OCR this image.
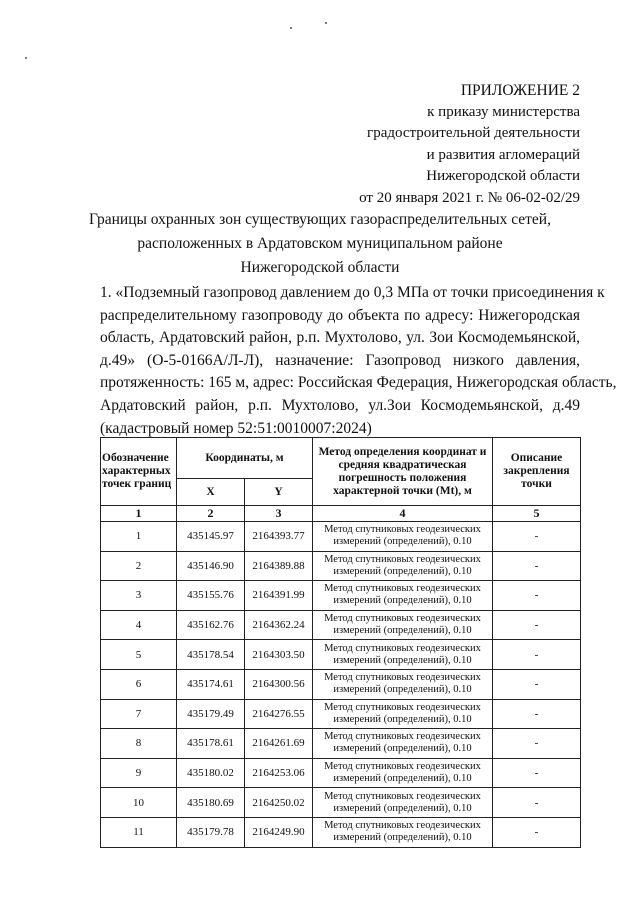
ПРИЛОЖЕНИЕ 2
к приказу министерства
градостроительной деятельности
и развития агломераций
Нижегородской области
от 20 января 2021 г. № 06-02-02/29
Границы охранных зон существующих газораспределительных сетей,
расположенных в Ардатовском муниципальном районе
Нижегородской области
1. «Подземный газопровод давлением до 0,3 МПа от точки присоединения к
распределительному газопроводу до объекта по адресу: Нижегородская
область, Ардатовский район, р.п. Мухтолово, ул. Зои Космодемьянской,
д.49» (О-5-0166А/Л-Л), назначение: Газопровод низкого давления,
протяженность: 165 м, адрес: Российская Федерация, Нижегородская область,
Ардатовский район, р.п. Мухтолово, ул.Зои Космодемьянской, д.49
(кадастровый номер 52:51:0010007:2024)
Обозначение характерных точек границ	Координаты, м		Метод определения координат и средняя квадратическая погрешность положения характерной точки (Mt), м	Описание закрепления точки
	X	Y		
1	2	3	4	5
1	435145.97	2164393.77	Метод спутниковых геодезических измерений (определений), 0.10	-
2	435146.90	2164389.88	Метод спутниковых геодезических измерений (определений), 0.10	-
3	435155.76	2164391.99	Метод спутниковых геодезических измерений (определений), 0.10	-
4	435162.76	2164362.24	Метод спутниковых геодезических измерений (определений), 0.10	-
5	435178.54	2164303.50	Метод спутниковых геодезических измерений (определений), 0.10	-
6	435174.61	2164300.56	Метод спутниковых геодезических измерений (определений), 0.10	-
7	435179.49	2164276.55	Метод спутниковых геодезических измерений (определений), 0.10	-
8	435178.61	2164261.69	Метод спутниковых геодезических измерений (определений), 0.10	-
9	435180.02	2164253.06	Метод спутниковых геодезических измерений (определений), 0.10	-
10	435180.69	2164250.02	Метод спутниковых геодезических измерений (определений), 0.10	-
11	435179.78	2164249.90	Метод спутниковых геодезических измерений (определений), 0.10	-
